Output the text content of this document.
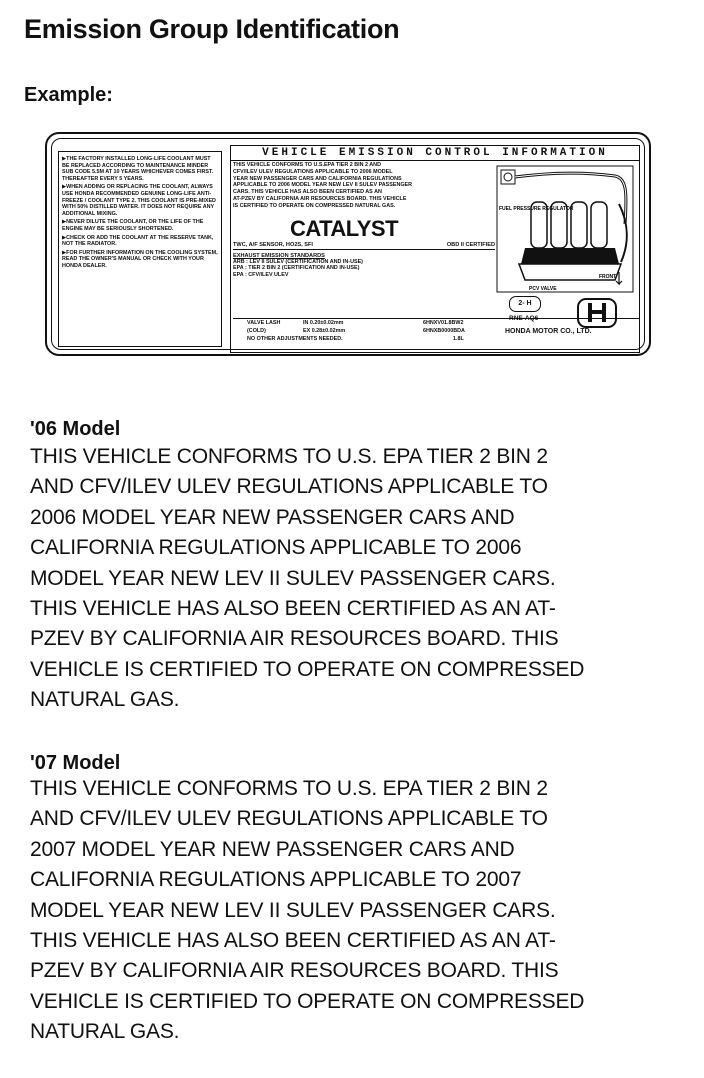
Emission Group Identification
Example:
▶ THE FACTORY INSTALLED LONG-LIFE COOLANT MUST BE REPLACED ACCORDING TO MAINTENANCE MINDER SUB CODE 5.5M AT 10 YEARS WHICHEVER COMES FIRST. THEREAFTER EVERY 5 YEARS.
▶ WHEN ADDING OR REPLACING THE COOLANT, ALWAYS USE HONDA RECOMMENDED GENUINE LONG-LIFE ANTI-FREEZE / COOLANT TYPE 2. THIS COOLANT IS PRE-MIXED WITH 50% DISTILLED WATER. IT DOES NOT REQUIRE ANY ADDITIONAL MIXING.
▶ NEVER DILUTE THE COOLANT, OR THE LIFE OF THE ENGINE MAY BE SERIOUSLY SHORTENED.
▶ CHECK OR ADD THE COOLANT AT THE RESERVE TANK, NOT THE RADIATOR.
▶ FOR FURTHER INFORMATION ON THE COOLING SYSTEM, READ THE OWNER'S MANUAL OR CHECK WITH YOUR HONDA DEALER.
VEHICLE EMISSION CONTROL INFORMATION
THIS VEHICLE CONFORMS TO U.S.EPA TIER 2 BIN 2 AND
CFV/ILEV ULEV REGULATIONS APPLICABLE TO 2006 MODEL
YEAR NEW PASSENGER CARS AND CALIFORNIA REGULATIONS
APPLICABLE TO 2006 MODEL YEAR NEW LEV II SULEV PASSENGER
CARS. THIS VEHICLE HAS ALSO BEEN CERTIFIED AS AN
AT-PZEV BY CALIFORNIA AIR RESOURCES BOARD. THIS VEHICLE
IS CERTIFIED TO OPERATE ON COMPRESSED NATURAL GAS.
CATALYST
TWC, A/F SENSOR, HO2S, SFI	OBD II CERTIFIED
EXHAUST EMISSION STANDARDS
ARB : LEV II SULEV (CERTIFICATION AND IN-USE)
EPA : TIER 2 BIN 2 (CERTIFICATION AND IN-USE)
EPA : CFV/ILEV ULEV
FUEL PRESSURE REGULATOR
PCV VALVE
FRONT
2- H
RNE-AQ6
HONDA MOTOR CO., LTD.
VALVE LASH	IN 0.20±0.02mm	6HNXV01.8BW2
(COLD)	EX 0.28±0.02mm	6HNXB0000BDA
NO OTHER ADJUSTMENTS NEEDED.	1.8L
'06 Model
THIS VEHICLE CONFORMS TO U.S. EPA TIER 2 BIN 2
AND CFV/ILEV ULEV REGULATIONS APPLICABLE TO
2006 MODEL YEAR NEW PASSENGER CARS AND
CALIFORNIA REGULATIONS APPLICABLE TO 2006
MODEL YEAR NEW LEV II SULEV PASSENGER CARS.
THIS VEHICLE HAS ALSO BEEN CERTIFIED AS AN AT-
PZEV BY CALIFORNIA AIR RESOURCES BOARD. THIS
VEHICLE IS CERTIFIED TO OPERATE ON COMPRESSED
NATURAL GAS.
'07 Model
THIS VEHICLE CONFORMS TO U.S. EPA TIER 2 BIN 2
AND CFV/ILEV ULEV REGULATIONS APPLICABLE TO
2007 MODEL YEAR NEW PASSENGER CARS AND
CALIFORNIA REGULATIONS APPLICABLE TO 2007
MODEL YEAR NEW LEV II SULEV PASSENGER CARS.
THIS VEHICLE HAS ALSO BEEN CERTIFIED AS AN AT-
PZEV BY CALIFORNIA AIR RESOURCES BOARD. THIS
VEHICLE IS CERTIFIED TO OPERATE ON COMPRESSED
NATURAL GAS.
